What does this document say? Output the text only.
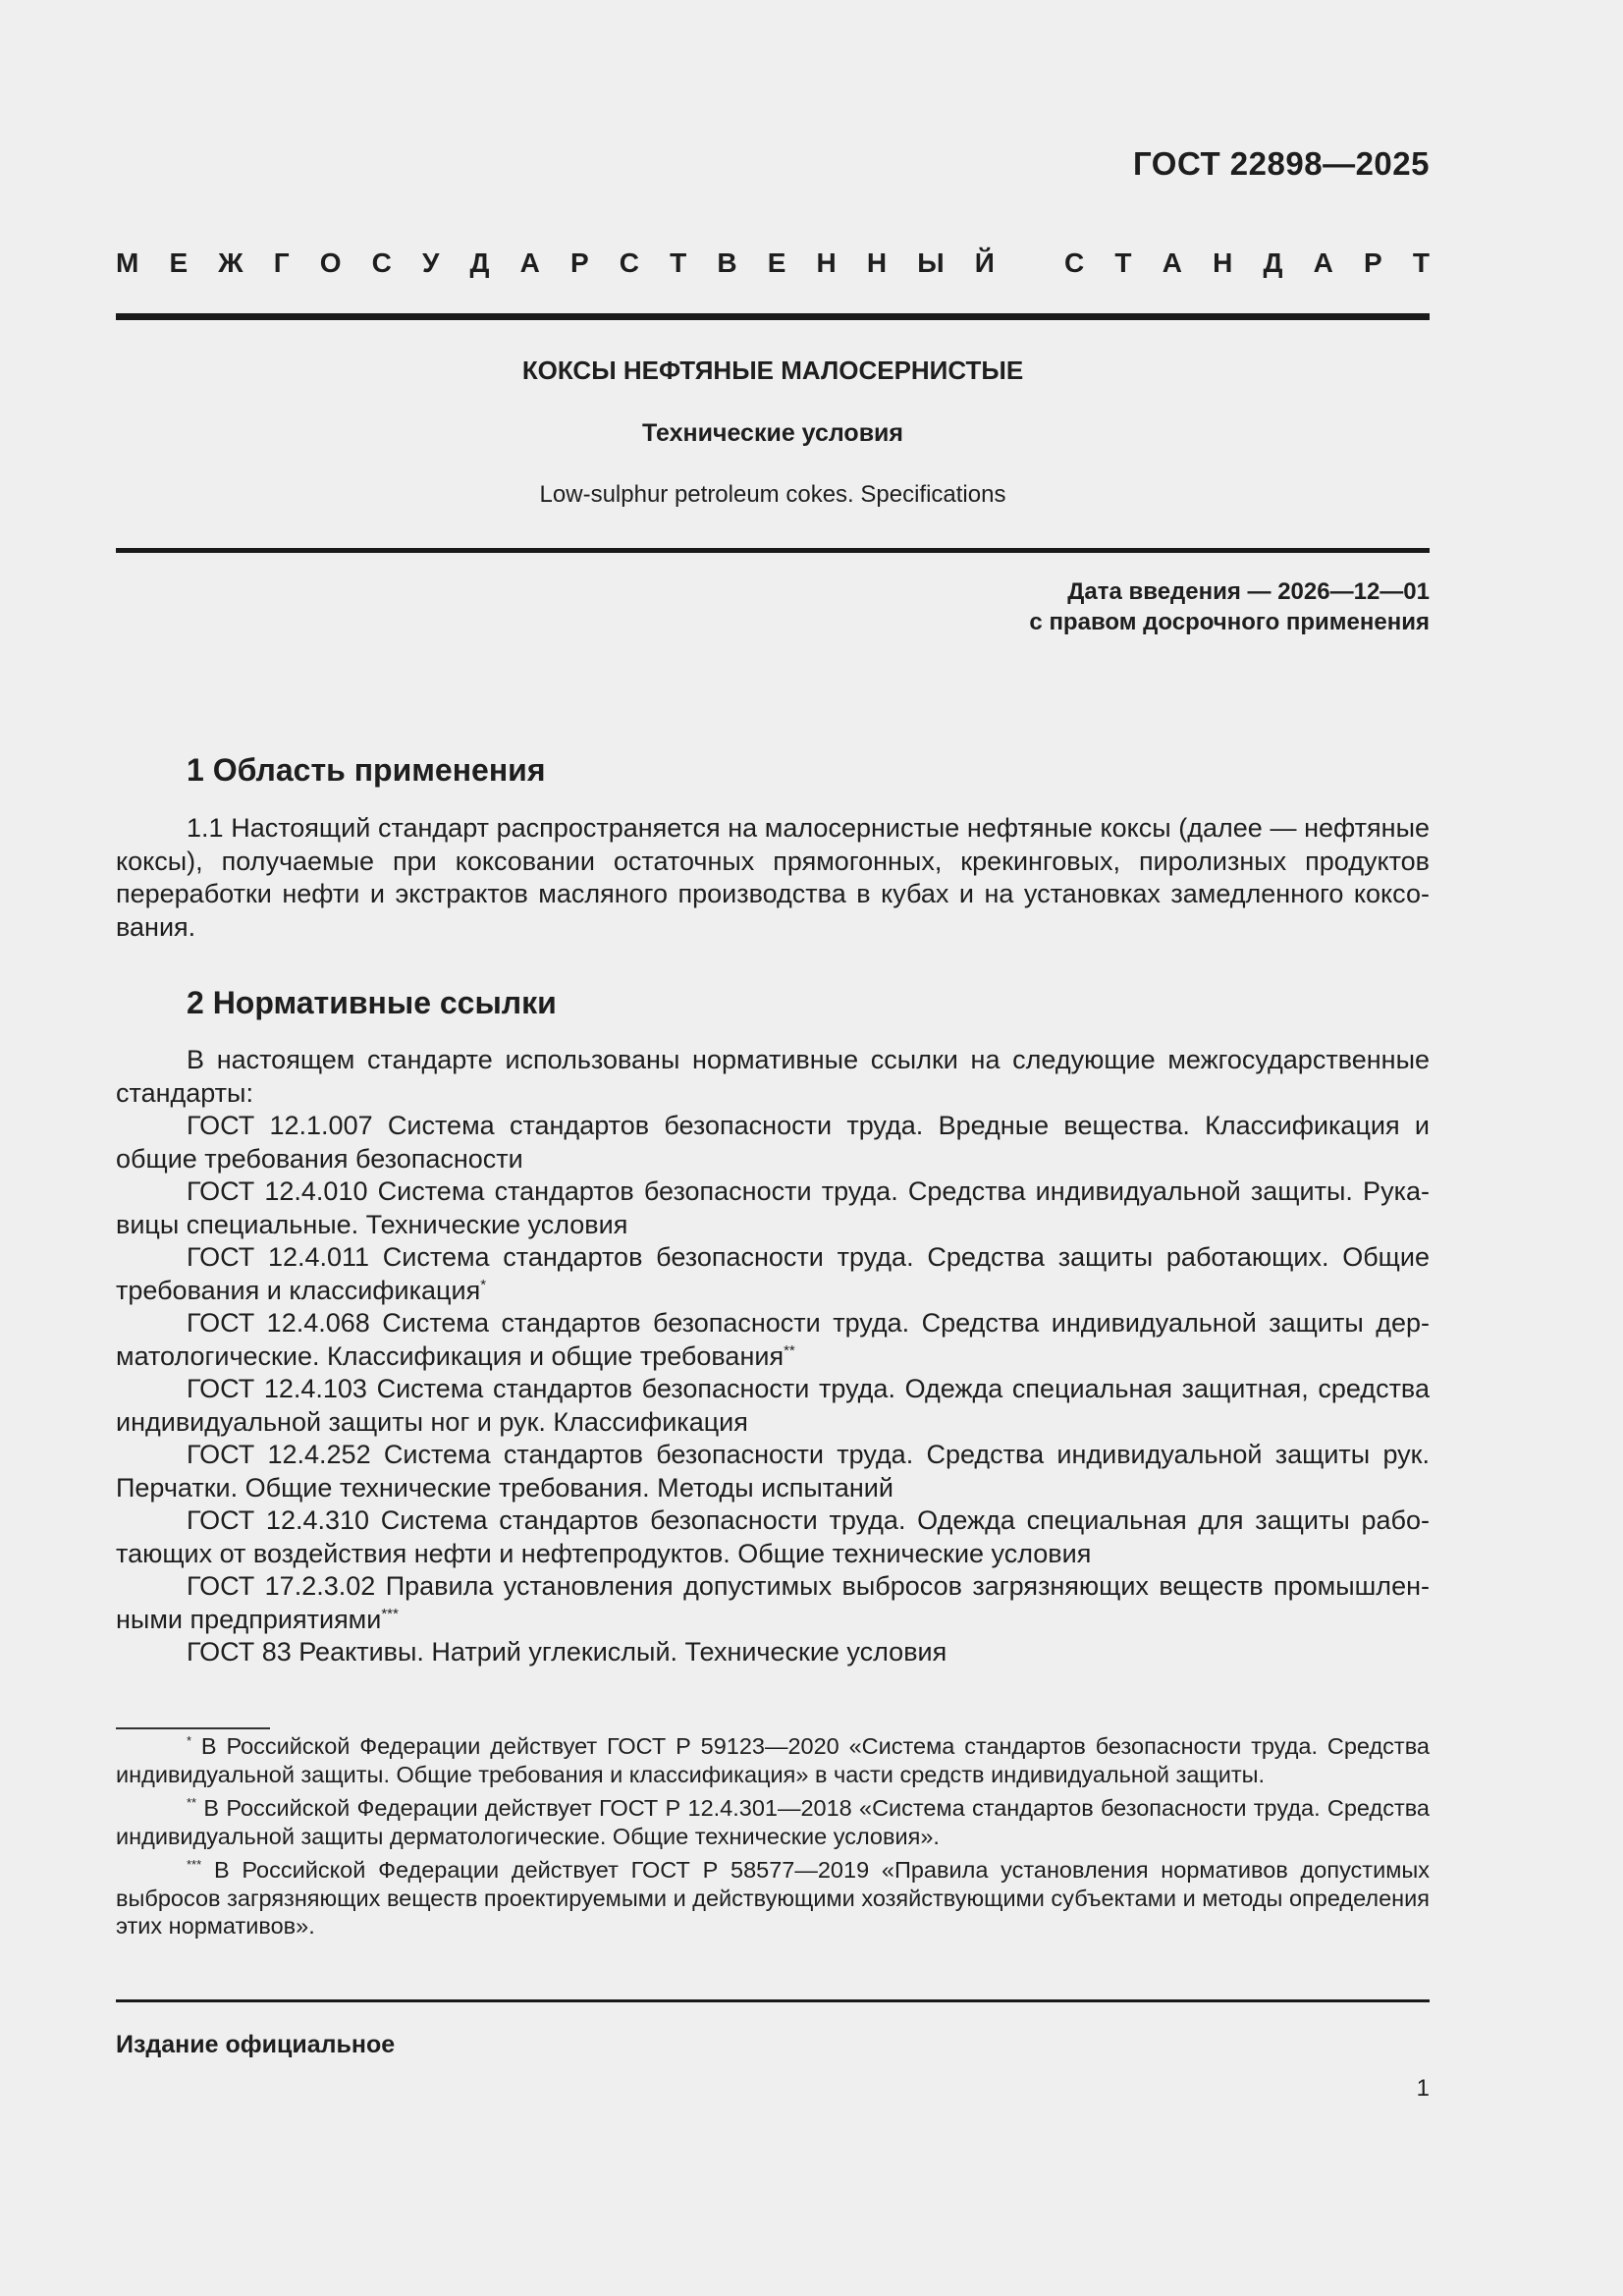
ГОСТ 22898—2025
М Е Ж Г О С У Д А Р С Т В Е Н Н Ы Й	С Т А Н Д А Р Т
КОКСЫ НЕФТЯНЫЕ МАЛОСЕРНИСТЫЕ
Технические условия
Low-sulphur petroleum cokes. Specifications
Дата введения — 2026—12—01
с правом досрочного применения
1 Область применения

1.1 Настоящий стандарт распространяется на малосернистые нефтяные коксы (далее — нефтяные коксы), получаемые при коксовании остаточных прямогонных, крекинговых, пиролизных продуктов переработки нефти и экстрактов масляного производства в кубах и на установках замедленного коксования.

2 Нормативные ссылки

В настоящем стандарте использованы нормативные ссылки на следующие межгосударственные стандарты:

ГОСТ 12.1.007 Система стандартов безопасности труда. Вредные вещества. Классификация и общие требования безопасности

ГОСТ 12.4.010 Система стандартов безопасности труда. Средства индивидуальной защиты. Рукавицы специальные. Технические условия

ГОСТ 12.4.011 Система стандартов безопасности труда. Средства защиты работающих. Общие требования и классификация*

ГОСТ 12.4.068 Система стандартов безопасности труда. Средства индивидуальной защиты дерматологические. Классификация и общие требования**

ГОСТ 12.4.103 Система стандартов безопасности труда. Одежда специальная защитная, средства индивидуальной защиты ног и рук. Классификация

ГОСТ 12.4.252 Система стандартов безопасности труда. Средства индивидуальной защиты рук. Перчатки. Общие технические требования. Методы испытаний

ГОСТ 12.4.310 Система стандартов безопасности труда. Одежда специальная для защиты работающих от воздействия нефти и нефтепродуктов. Общие технические условия

ГОСТ 17.2.3.02 Правила установления допустимых выбросов загрязняющих веществ промышленными предприятиями***

ГОСТ 83 Реактивы. Натрий углекислый. Технические условия

* В Российской Федерации действует ГОСТ Р 59123—2020 «Система стандартов безопасности труда. Средства индивидуальной защиты. Общие требования и классификация» в части средств индивидуальной защиты.

** В Российской Федерации действует ГОСТ Р 12.4.301—2018 «Система стандартов безопасности труда. Средства индивидуальной защиты дерматологические. Общие технические условия».

*** В Российской Федерации действует ГОСТ Р 58577—2019 «Правила установления нормативов допустимых выбросов загрязняющих веществ проектируемыми и действующими хозяйствующими субъектами и методы определения этих нормативов».

Издание официальное
1
